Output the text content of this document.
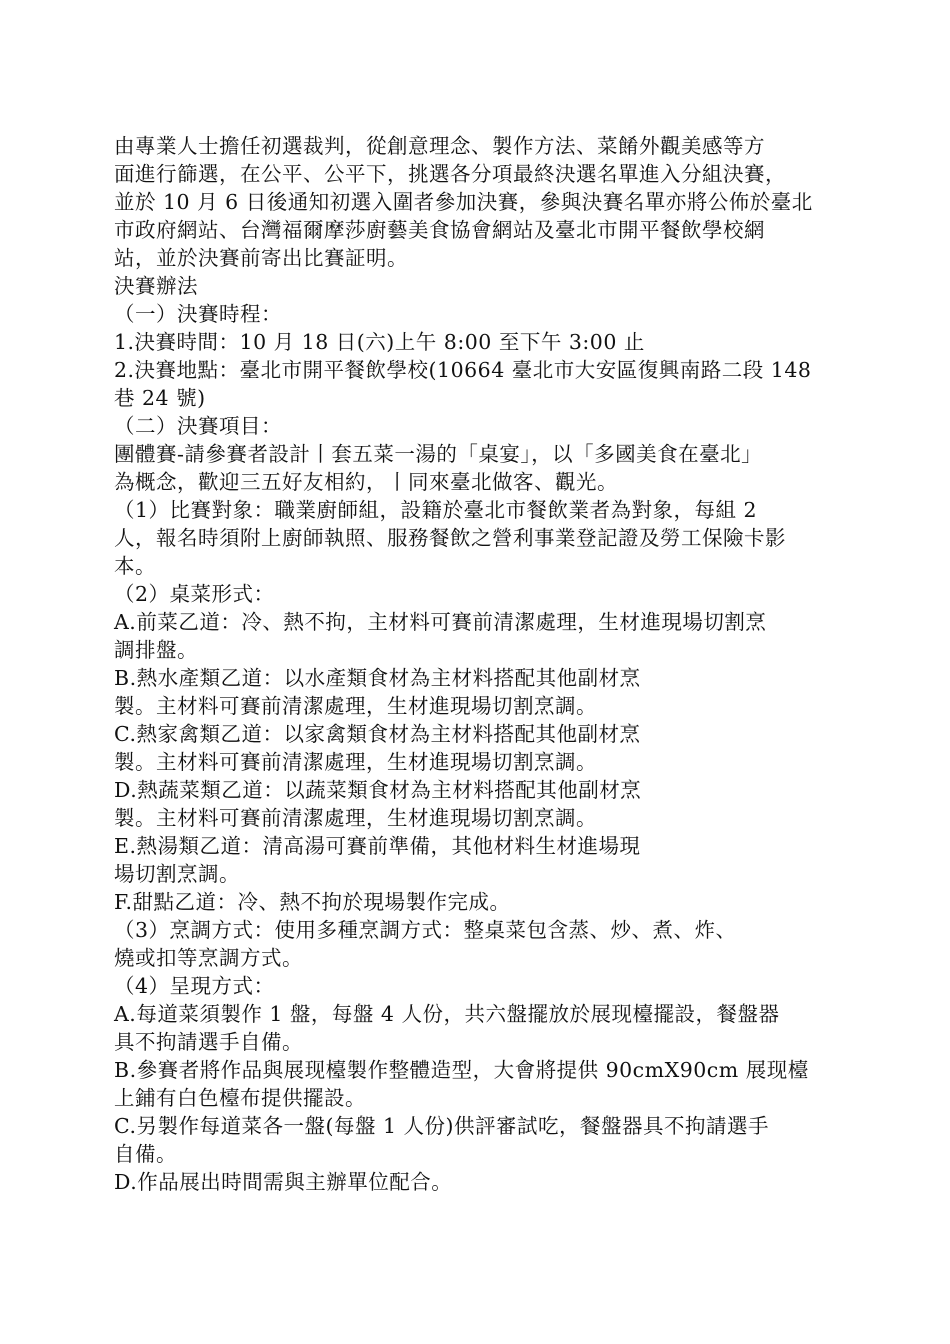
由專業人士擔任初選裁判，從創意理念、製作方法、菜餚外觀美感等方
面進行篩選，在公平、公平下，挑選各分項最終決選名單進入分組決賽，
並於 10 月 6 日後通知初選入圍者參加決賽，參與決賽名單亦將公佈於臺北
市政府網站、台灣福爾摩莎廚藝美食協會網站及臺北市開平餐飲學校網
站，並於決賽前寄出比賽証明。
決賽辦法
（一）決賽時程：
1.決賽時間：10 月 18 日(六)上午 8:00 至下午 3:00 止
2.決賽地點：臺北市開平餐飲學校(10664 臺北市大安區復興南路二段 148
巷 24 號)
（二）決賽項目：
團體賽-請參賽者設計丨套五菜一湯的「桌宴」，以「多國美食在臺北」
為概念，歡迎三五好友相約，丨同來臺北做客、觀光。
（1）比賽對象：職業廚師組，設籍於臺北市餐飲業者為對象，每組 2
人，報名時須附上廚師執照、服務餐飲之營利事業登記證及勞工保險卡影
本。
（2）桌菜形式：
A.前菜乙道：冷、熱不拘，主材料可賽前清潔處理，生材進現場切割烹
調排盤。
B.熱水產類乙道：以水產類食材為主材料搭配其他副材烹
製。主材料可賽前清潔處理，生材進現場切割烹調。
C.熱家禽類乙道：以家禽類食材為主材料搭配其他副材烹
製。主材料可賽前清潔處理，生材進現場切割烹調。
D.熱蔬菜類乙道：以蔬菜類食材為主材料搭配其他副材烹
製。主材料可賽前清潔處理，生材進現場切割烹調。
E.熱湯類乙道：清高湯可賽前準備，其他材料生材進場現
場切割烹調。
F.甜點乙道：冷、熱不拘於現場製作完成。
（3）烹調方式：使用多種烹調方式：整桌菜包含蒸、炒、煮、炸、
燒或扣等烹調方式。
（4）呈現方式：
A.每道菜須製作 1 盤，每盤 4 人份，共六盤擺放於展现檯擺設，餐盤器
具不拘請選手自備。
B.參賽者將作品與展现檯製作整體造型，大會將提供 90cmX90cm 展现檯
上鋪有白色檯布提供擺設。
C.另製作每道菜各一盤(每盤 1 人份)供評審試吃，餐盤器具不拘請選手
自備。
D.作品展出時間需與主辦單位配合。
